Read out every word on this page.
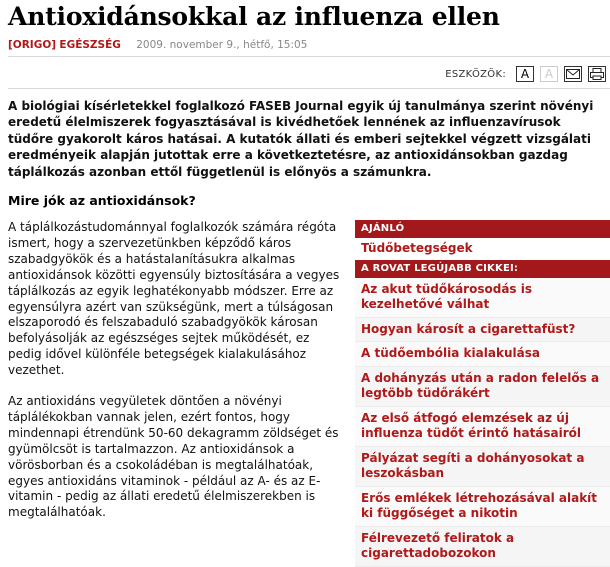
Antioxidánsokkal az influenza ellen
[ORIGO] EGÉSZSÉG 2009. november 9., hétfő, 15:05
ESZKÖZÖK:	A	A

A biológiai kísérletekkel foglalkozó FASEB Journal egyik új tanulmánya szerint növényi eredetű élelmiszerek fogyasztásával is kivédhetőek lennének az influenzavírusok tüdőre gyakorolt káros hatásai. A kutatók állati és emberi sejtekkel végzett vizsgálati eredményeik alapján jutottak erre a következtetésre, az antioxidánsokban gazdag táplálkozás azonban ettől függetlenül is előnyös a számunkra.

Mire jók az antioxidánsok?

A táplálkozástudománnyal foglalkozók számára régóta ismert, hogy a szervezetünkben képződő káros szabadgyökök és a hatástalanításukra alkalmas antioxidánsok közötti egyensúly biztosítására a vegyes táplálkozás az egyik leghatékonyabb módszer. Erre az egyensúlyra azért van szükségünk, mert a túlságosan elszaporodó és felszabaduló szabadgyökök károsan befolyásolják az egészséges sejtek működését, ez pedig idővel különféle betegségek kialakulásához vezethet.

Az antioxidáns vegyületek döntően a növényi táplálékokban vannak jelen, ezért fontos, hogy mindennapi étrendünk 50-60 dekagramm zöldséget és gyümölcsöt is tartalmazzon. Az antioxidánsok a vörösborban és a csokoládéban is megtalálhatóak, egyes antioxidáns vitaminok - például az A- és az E-vitamin - pedig az állati eredetű élelmiszerekben is megtalálhatóak.

AJÁNLÓ
Tüdőbetegségek
A ROVAT LEGÚJABB CIKKEI:
Az akut tüdőkárosodás is kezelhetővé válhat
Hogyan károsít a cigarettafüst?
A tüdőembólia kialakulása
A dohányzás után a radon felelős a legtöbb tüdőrákért
Az első átfogó elemzések az új influenza tüdőt érintő hatásairól
Pályázat segíti a dohányosokat a leszokásban
Erős emlékek létrehozásával alakít ki függőséget a nikotin
Félrevezető feliratok a cigarettadobozokon
